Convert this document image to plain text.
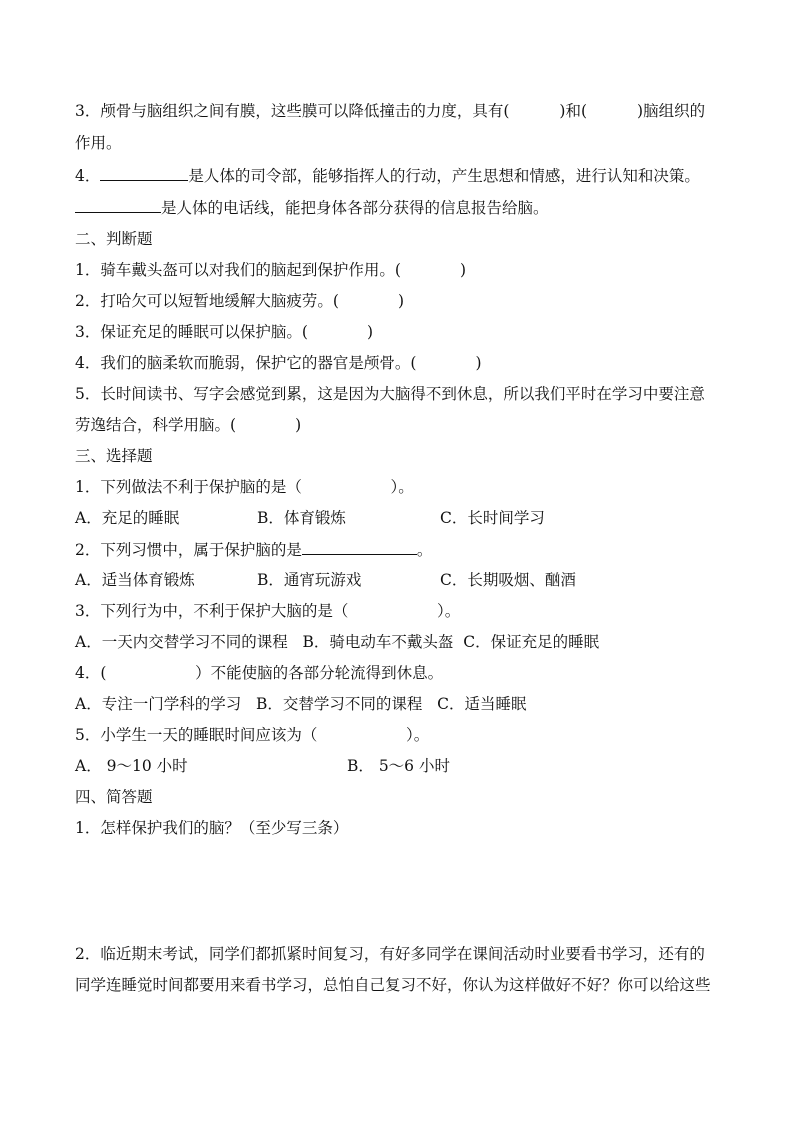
3．颅骨与脑组织之间有膜，这些膜可以降低撞击的力度，具有(	)和(	)脑组织的
作用。
4．	是人体的司令部，能够指挥人的行动，产生思想和情感，进行认知和决策。
是人体的电话线，能把身体各部分获得的信息报告给脑。
二、判断题
1．骑车戴头盔可以对我们的脑起到保护作用。(            )
2．打哈欠可以短暂地缓解大脑疲劳。(            )
3．保证充足的睡眠可以保护脑。(            )
4．我们的脑柔软而脆弱，保护它的器官是颅骨。(            )
5．长时间读书、写字会感觉到累，这是因为大脑得不到休息，所以我们平时在学习中要注意
劳逸结合，科学用脑。(            )
三、选择题
1．下列做法不利于保护脑的是（                  ）。
A．充足的睡眠	B．体育锻炼	C．长时间学习
2．下列习惯中，属于保护脑的是	。
A．适当体育锻炼	B．通宵玩游戏	C．长期吸烟、酗酒
3．下列行为中，不利于保护大脑的是（                  ）。
A．一天内交替学习不同的课程   B．骑电动车不戴头盔  C．保证充足的睡眠
4．(                  ）不能使脑的各部分轮流得到休息。
A．专注一门学科的学习   B．交替学习不同的课程   C．适当睡眠
5．小学生一天的睡眠时间应该为（                  ）。
A． 9～10 小时	B． 5～6 小时
四、简答题
1．怎样保护我们的脑？（至少写三条）
2．临近期末考试，同学们都抓紧时间复习，有好多同学在课间活动时业要看书学习，还有的
同学连睡觉时间都要用来看书学习，总怕自己复习不好，你认为这样做好不好？你可以给这些
